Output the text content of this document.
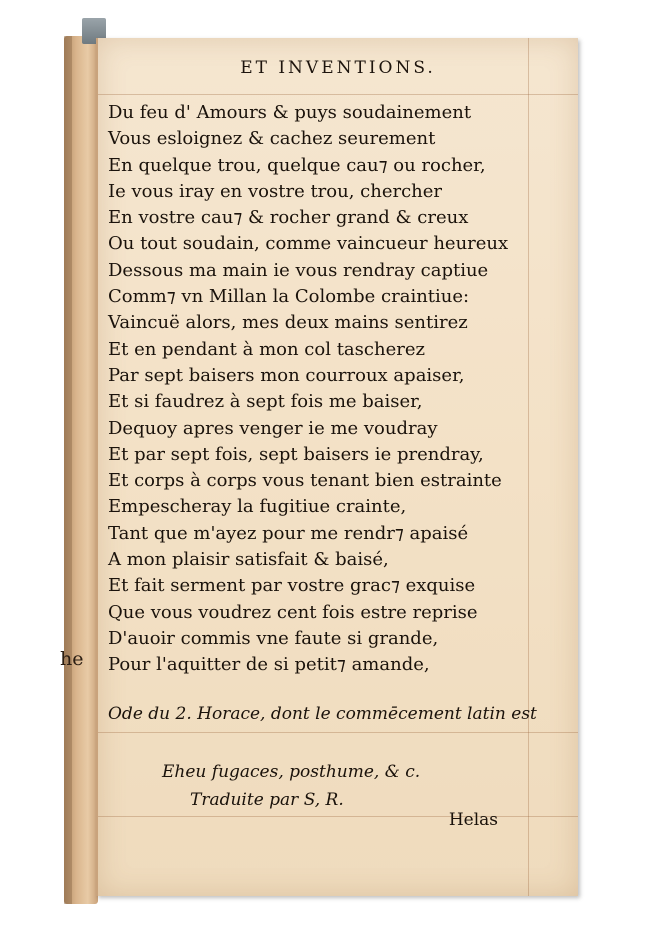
he
ET INVENTIONS.
Du feu d' Amours & puys soudainement
Vous esloignez & cachez seurement
En quelque trou, quelque cau⁊ ou rocher,
Ie vous iray en vostre trou, chercher
En vostre cau⁊ & rocher grand & creux
Ou tout soudain, comme vaincueur heureux
Dessous ma main ie vous rendray captiue
Comm⁊ vn Millan la Colombe craintiue:
Vaincuë alors, mes deux mains sentirez
Et en pendant à mon col tascherez
Par sept baisers mon courroux apaiser,
Et si faudrez à sept fois me baiser,
Dequoy apres venger ie me voudray
Et par sept fois, sept baisers ie prendray,
Et corps à corps vous tenant bien estrainte
Empescheray la fugitiue crainte,
Tant que m'ayez pour me rendr⁊ apaisé
A mon plaisir satisfait & baisé,
Et fait serment par vostre grac⁊ exquise
Que vous voudrez cent fois estre reprise
D'auoir commis vne faute si grande,
Pour l'aquitter de si petit⁊ amande,
Ode du 2. Horace, dont le commēcement latin est
Eheu fugaces, posthume, & c.
Traduite par S, R.
Helas
